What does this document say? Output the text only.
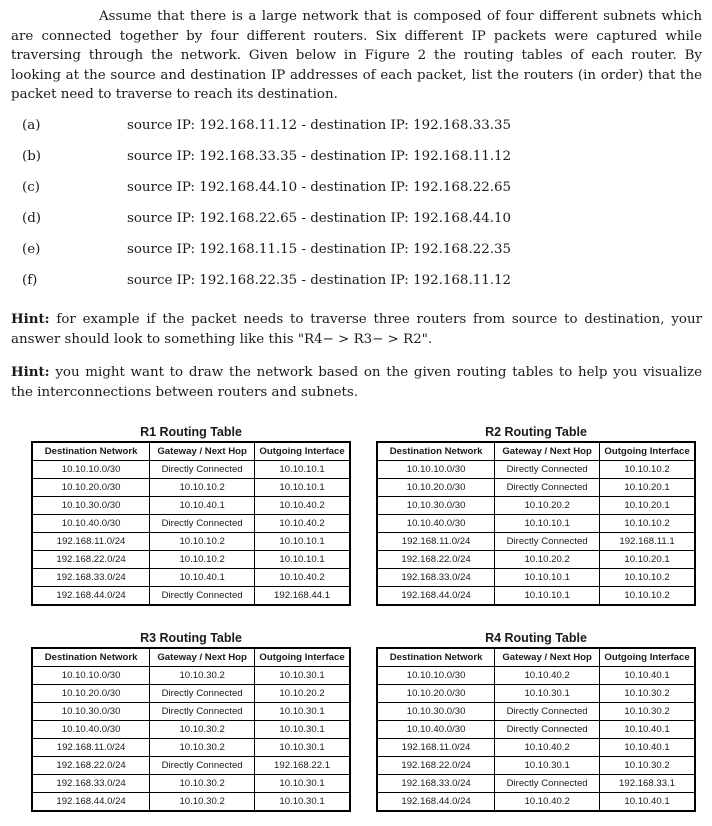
Assume that there is a large network that is composed of four different subnets which are connected together by four different routers. Six different IP packets were captured while traversing through the network. Given below in Figure 2 the routing tables of each router. By looking at the source and destination IP addresses of each packet, list the routers (in order) that the packet need to traverse to reach its destination.

(a)	source IP: 192.168.11.12 - destination IP: 192.168.33.35
(b)	source IP: 192.168.33.35 - destination IP: 192.168.11.12
(c)	source IP: 192.168.44.10 - destination IP: 192.168.22.65
(d)	source IP: 192.168.22.65 - destination IP: 192.168.44.10
(e)	source IP: 192.168.11.15 - destination IP: 192.168.22.35
(f)	source IP: 192.168.22.35 - destination IP: 192.168.11.12

Hint: for example if the packet needs to traverse three routers from source to destination, your answer should look to something like this "R4− > R3− > R2".

Hint: you might want to draw the network based on the given routing tables to help you visualize the interconnections between routers and subnets.

R1 Routing Table
Destination Network	Gateway / Next Hop	Outgoing Interface
10.10.10.0/30	Directly Connected	10.10.10.1
10.10.20.0/30	10.10.10.2	10.10.10.1
10.10.30.0/30	10.10.40.1	10.10.40.2
10.10.40.0/30	Directly Connected	10.10.40.2
192.168.11.0/24	10.10.10.2	10.10.10.1
192.168.22.0/24	10.10.10.2	10.10.10.1
192.168.33.0/24	10.10.40.1	10.10.40.2
192.168.44.0/24	Directly Connected	192.168.44.1
R2 Routing Table
Destination Network	Gateway / Next Hop	Outgoing Interface
10.10.10.0/30	Directly Connected	10.10.10.2
10.10.20.0/30	Directly Connected	10.10.20.1
10.10.30.0/30	10.10.20.2	10.10.20.1
10.10.40.0/30	10.10.10.1	10.10.10.2
192.168.11.0/24	Directly Connected	192.168.11.1
192.168.22.0/24	10.10.20.2	10.10.20.1
192.168.33.0/24	10.10.10.1	10.10.10.2
192.168.44.0/24	10.10.10.1	10.10.10.2
R3 Routing Table
Destination Network	Gateway / Next Hop	Outgoing Interface
10.10.10.0/30	10.10.30.2	10.10.30.1
10.10.20.0/30	Directly Connected	10.10.20.2
10.10.30.0/30	Directly Connected	10.10.30.1
10.10.40.0/30	10.10.30.2	10.10.30.1
192.168.11.0/24	10.10.30.2	10.10.30.1
192.168.22.0/24	Directly Connected	192.168.22.1
192.168.33.0/24	10.10.30.2	10.10.30.1
192.168.44.0/24	10.10.30.2	10.10.30.1
R4 Routing Table
Destination Network	Gateway / Next Hop	Outgoing Interface
10.10.10.0/30	10.10.40.2	10.10.40.1
10.10.20.0/30	10.10.30.1	10.10.30.2
10.10.30.0/30	Directly Connected	10.10.30.2
10.10.40.0/30	Directly Connected	10.10.40.1
192.168.11.0/24	10.10.40.2	10.10.40.1
192.168.22.0/24	10.10.30.1	10.10.30.2
192.168.33.0/24	Directly Connected	192.168.33.1
192.168.44.0/24	10.10.40.2	10.10.40.1
